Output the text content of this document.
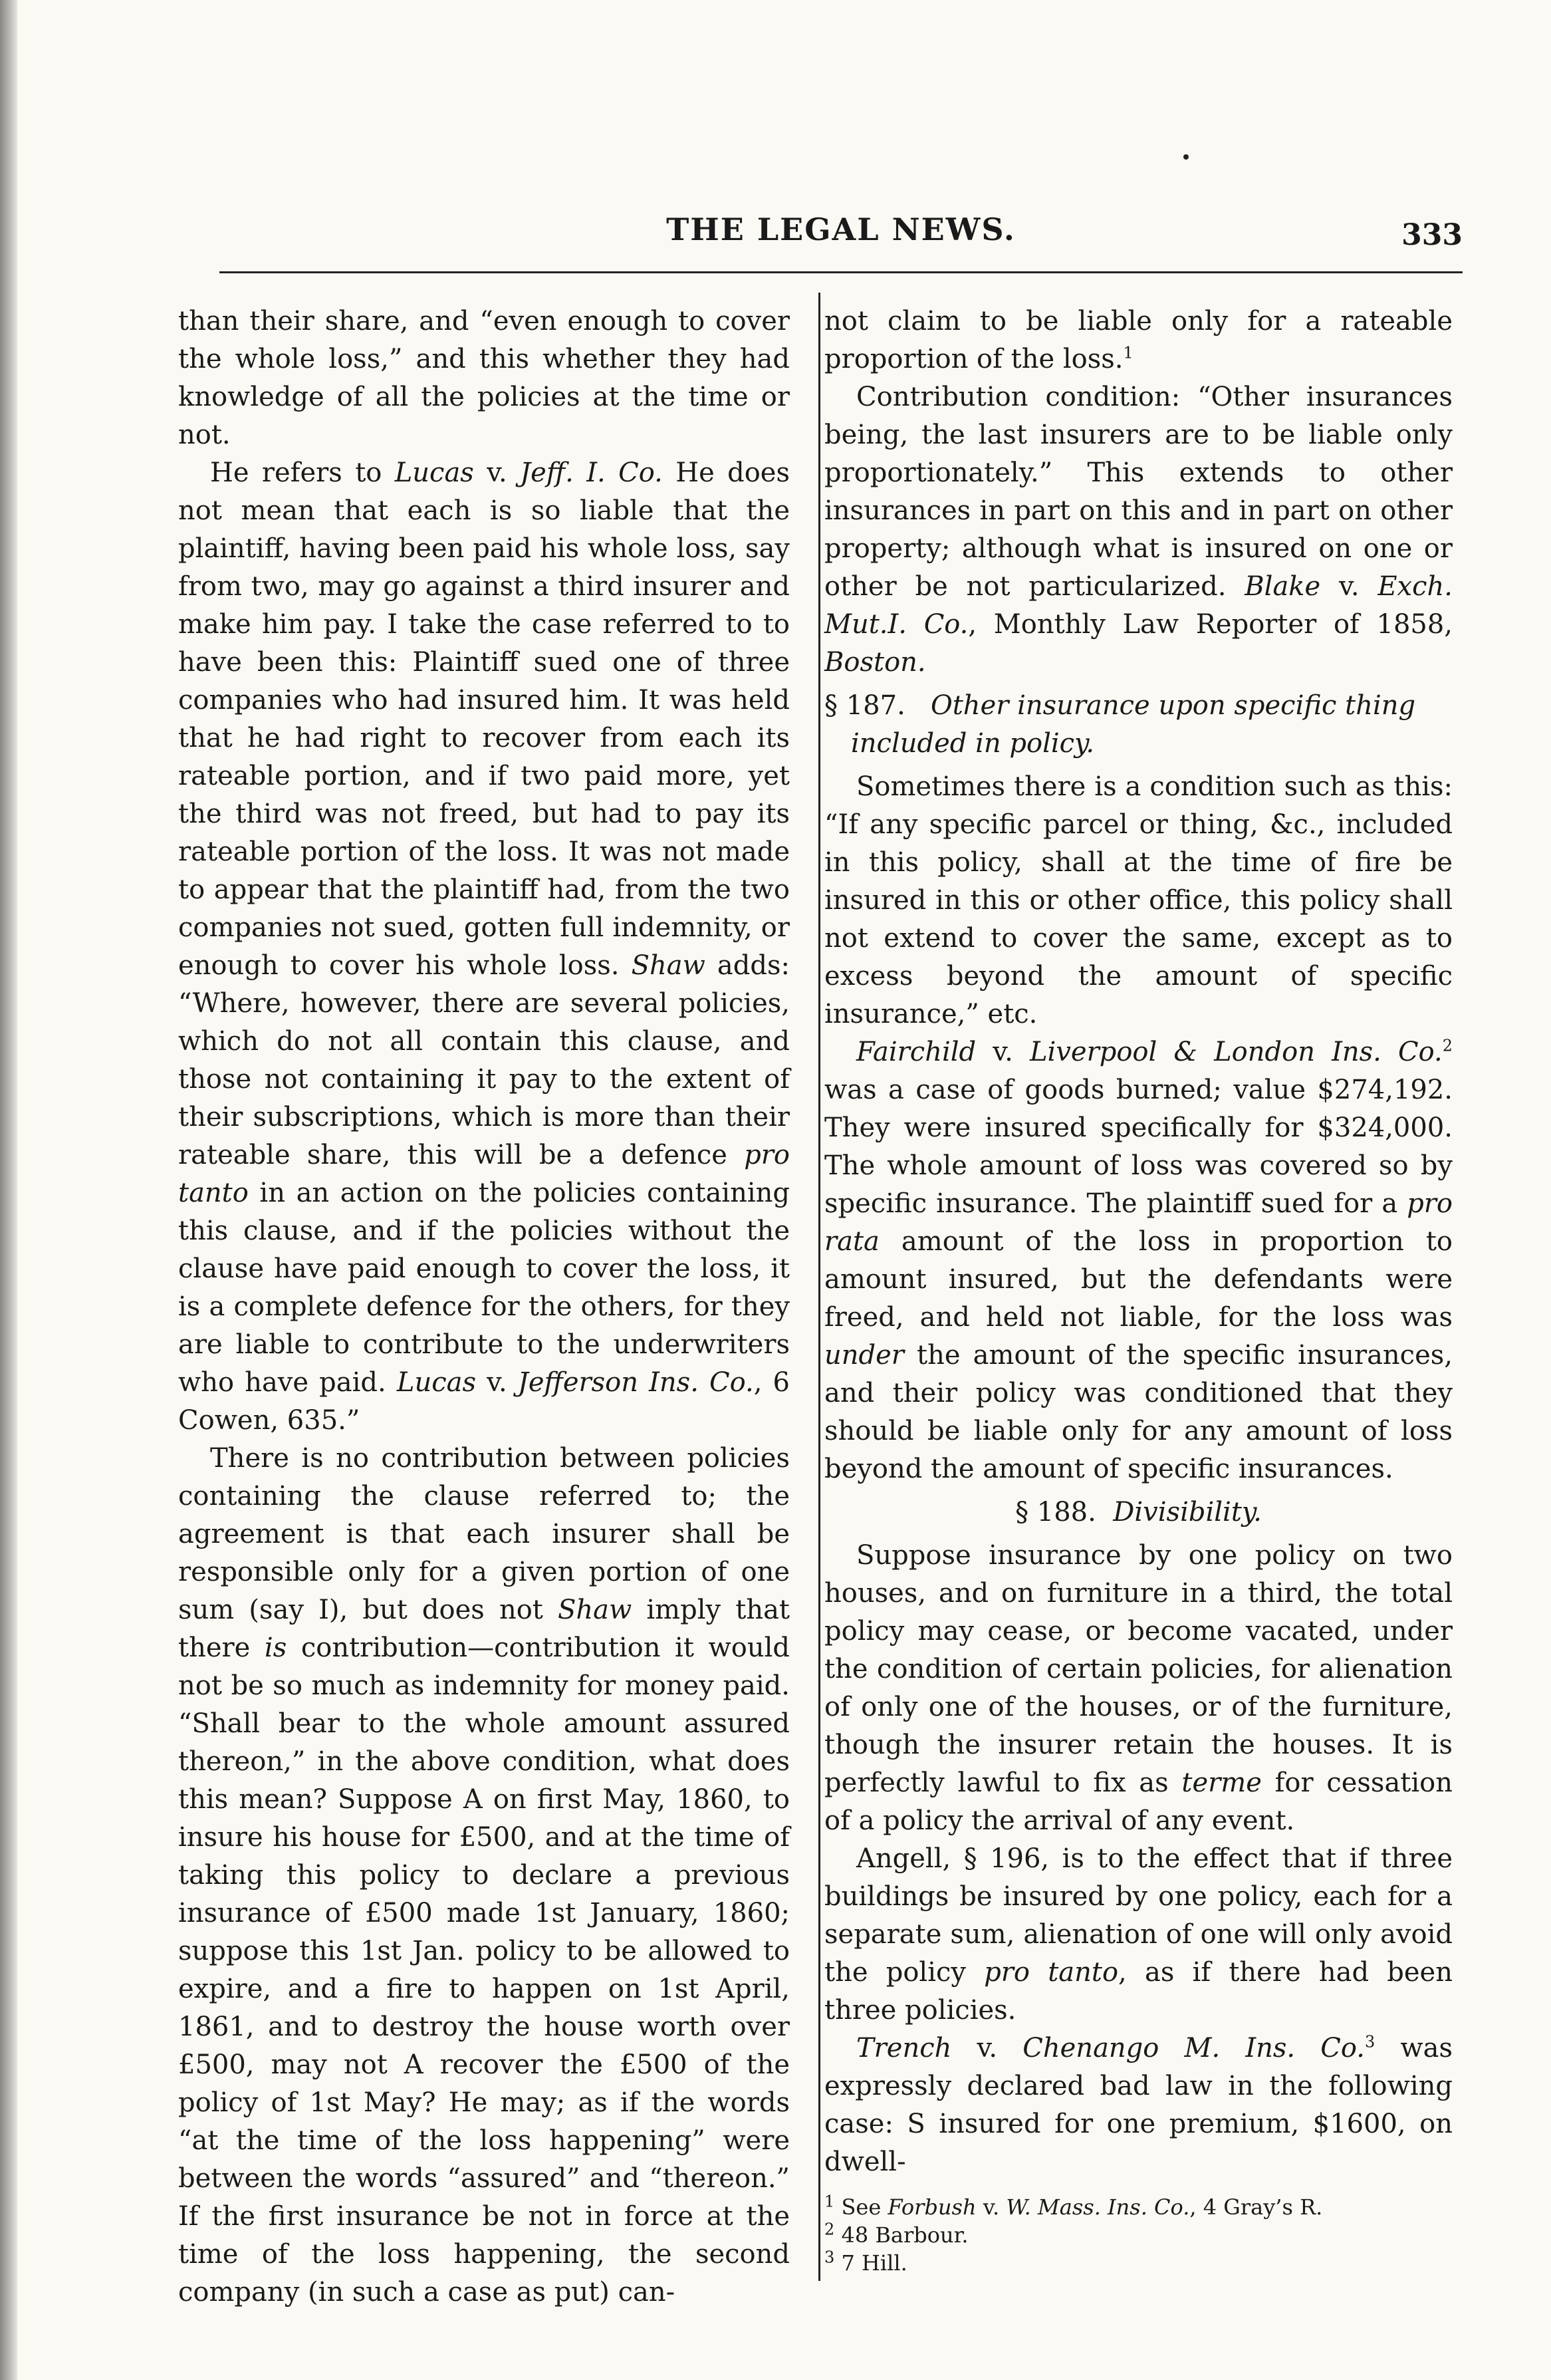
THE LEGAL NEWS.	333

than their share, and “even enough to cover the whole loss,” and this whether they had knowledge of all the policies at the time or not.

He refers to Lucas v. Jeff. I. Co. He does not mean that each is so liable that the plaintiff, having been paid his whole loss, say from two, may go against a third insurer and make him pay. I take the case referred to to have been this: Plaintiff sued one of three companies who had insured him. It was held that he had right to recover from each its rateable portion, and if two paid more, yet the third was not freed, but had to pay its rateable portion of the loss. It was not made to appear that the plaintiff had, from the two companies not sued, gotten full indemnity, or enough to cover his whole loss. Shaw adds: “Where, however, there are several policies, which do not all contain this clause, and those not containing it pay to the extent of their subscriptions, which is more than their rateable share, this will be a defence pro tanto in an action on the policies containing this clause, and if the policies without the clause have paid enough to cover the loss, it is a complete defence for the others, for they are liable to contribute to the underwriters who have paid. Lucas v. Jefferson Ins. Co., 6 Cowen, 635.”

There is no contribution between policies containing the clause referred to; the agreement is that each insurer shall be responsible only for a given portion of one sum (say I), but does not Shaw imply that there is contribution—contribution it would not be so much as indemnity for money paid. “Shall bear to the whole amount assured thereon,” in the above condition, what does this mean? Suppose A on first May, 1860, to insure his house for £500, and at the time of taking this policy to declare a previous insurance of £500 made 1st January, 1860; suppose this 1st Jan. policy to be allowed to expire, and a fire to happen on 1st April, 1861, and to destroy the house worth over £500, may not A recover the £500 of the policy of 1st May? He may; as if the words “at the time of the loss happening” were between the words “assured” and “thereon.” If the first insurance be not in force at the time of the loss happening, the second company (in such a case as put) can-

not claim to be liable only for a rateable proportion of the loss.$^1$

Contribution condition: “Other insurances being, the last insurers are to be liable only proportionately.” This extends to other insurances in part on this and in part on other property; although what is insured on one or other be not particularized. Blake v. Exch. Mut.I. Co., Monthly Law Reporter of 1858, Boston.

§ 187. Other insurance upon specific thing included in policy.

Sometimes there is a condition such as this: “If any specific parcel or thing, &c., included in this policy, shall at the time of fire be insured in this or other office, this policy shall not extend to cover the same, except as to excess beyond the amount of specific insurance,” etc.

Fairchild v. Liverpool & London Ins. Co.$^2$ was a case of goods burned; value $274,192. They were insured specifically for $324,000. The whole amount of loss was covered so by specific insurance. The plaintiff sued for a pro rata amount of the loss in proportion to amount insured, but the defendants were freed, and held not liable, for the loss was under the amount of the specific insurances, and their policy was conditioned that they should be liable only for any amount of loss beyond the amount of specific insurances.

§ 188. Divisibility.

Suppose insurance by one policy on two houses, and on furniture in a third, the total policy may cease, or become vacated, under the condition of certain policies, for alienation of only one of the houses, or of the furniture, though the insurer retain the houses. It is perfectly lawful to fix as terme for cessation of a policy the arrival of any event.

Angell, § 196, is to the effect that if three buildings be insured by one policy, each for a separate sum, alienation of one will only avoid the policy pro tanto, as if there had been three policies.

Trench v. Chenango M. Ins. Co.$^3$ was expressly declared bad law in the following case: S insured for one premium, $1600, on dwell-

$^1$ See Forbush v. W. Mass. Ins. Co., 4 Gray’s R.
$^2$ 48 Barbour.
$^3$ 7 Hill.
